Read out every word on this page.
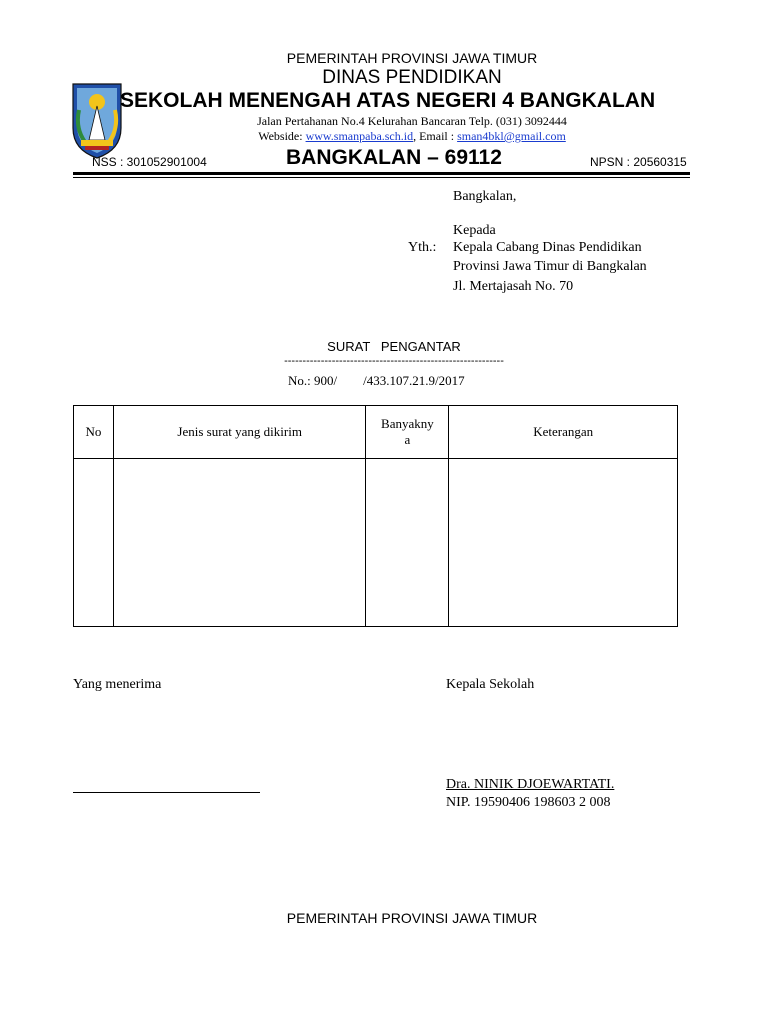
PEMERINTAH PROVINSI JAWA TIMUR
DINAS PENDIDIKAN
SEKOLAH MENENGAH ATAS NEGERI 4 BANGKALAN
Jalan Pertahanan No.4 Kelurahan Bancaran Telp. (031) 3092444
Webside: www.smanpaba.sch.id, Email : sman4bkl@gmail.com
NSS : 301052901004	BANGKALAN – 69112	NPSN : 20560315
Bangkalan,
Kepada
Yth.: Kepala Cabang Dinas Pendidikan
Provinsi Jawa Timur di Bangkalan
Jl. Mertajasah No. 70
SURAT   PENGANTAR
------------------------------------------------------------
No.: 900/        /433.107.21.9/2017
No	Jenis surat yang dikirim	Banyakny a	Keterangan

Yang menerima	Kepala Sekolah
Dra. NINIK DJOEWARTATI.
NIP. 19590406 198603 2 008
PEMERINTAH PROVINSI JAWA TIMUR
